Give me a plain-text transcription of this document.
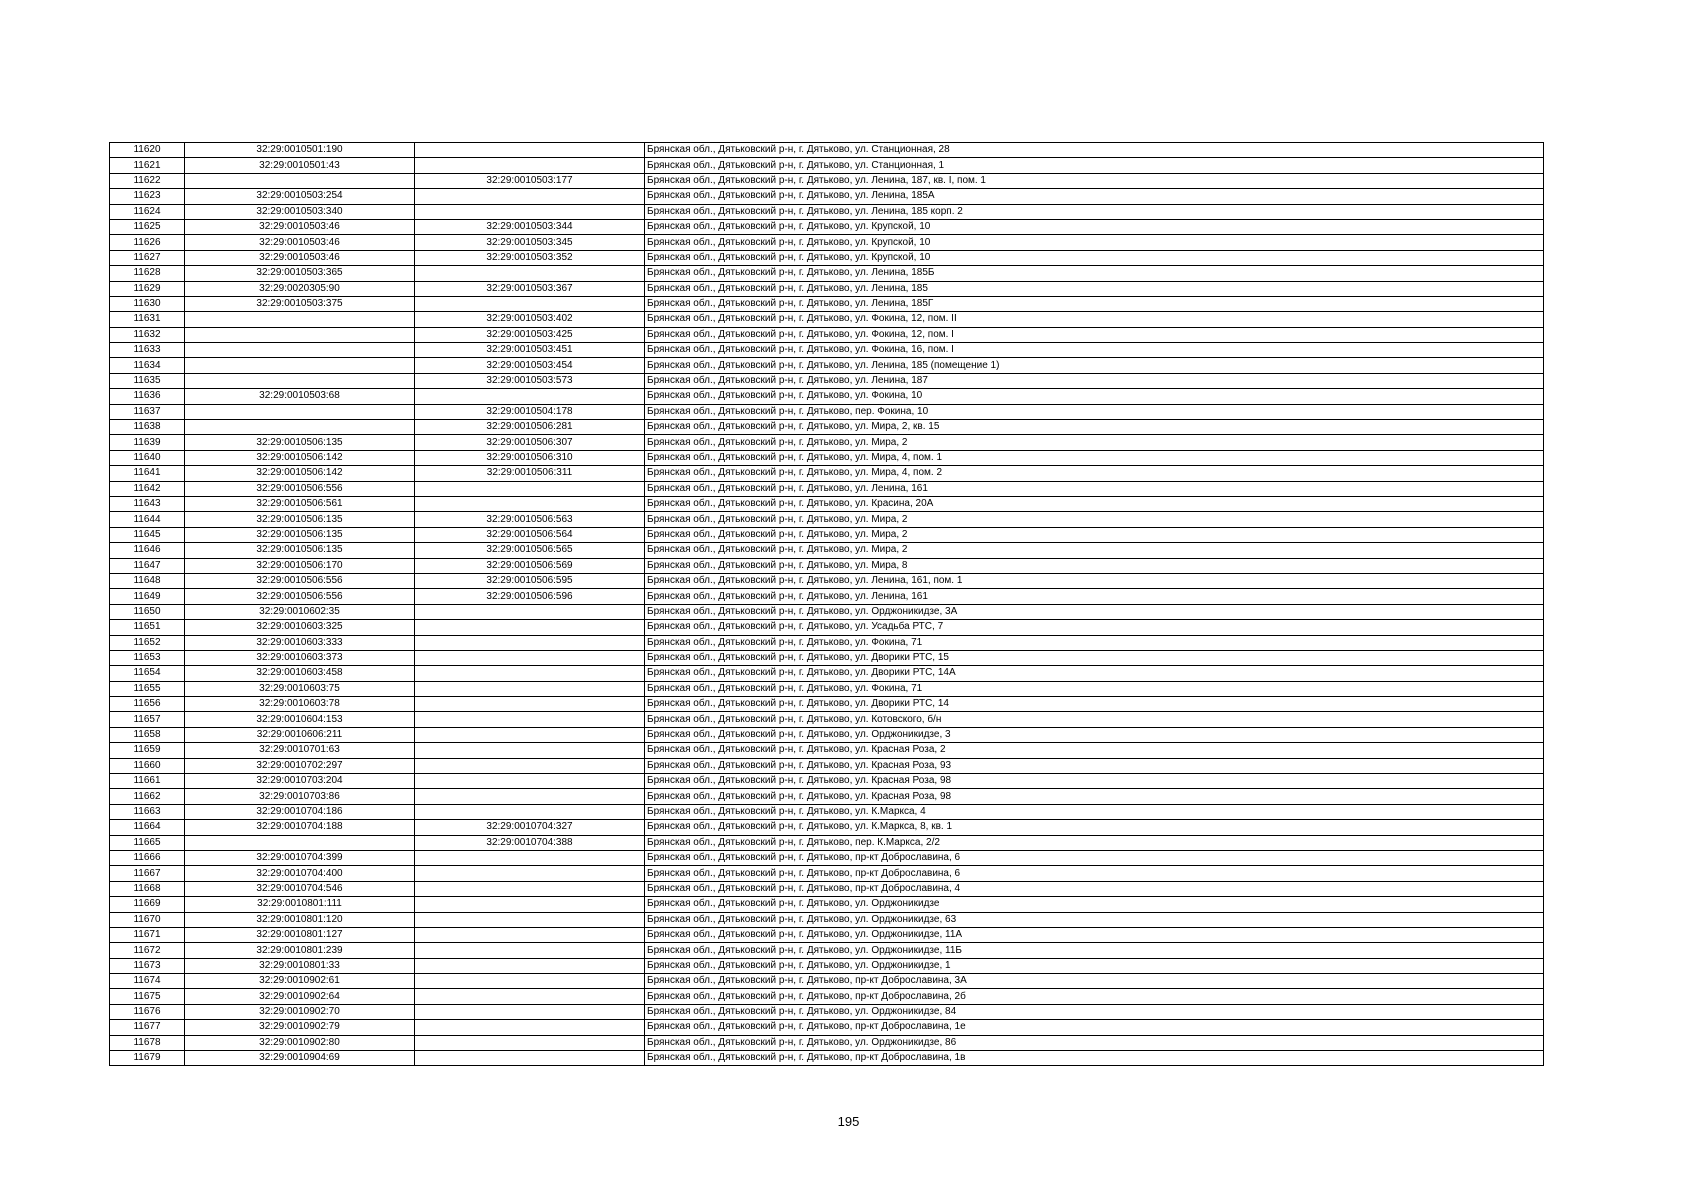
11620	32:29:0010501:190		Брянская обл., Дятьковский р-н, г. Дятьково, ул. Станционная, 28
11621	32:29:0010501:43		Брянская обл., Дятьковский р-н, г. Дятьково, ул. Станционная, 1
11622		32:29:0010503:177	Брянская обл., Дятьковский р-н, г. Дятьково, ул. Ленина, 187, кв. I, пом. 1
11623	32:29:0010503:254		Брянская обл., Дятьковский р-н, г. Дятьково, ул. Ленина, 185А
11624	32:29:0010503:340		Брянская обл., Дятьковский р-н, г. Дятьково, ул. Ленина, 185 корп. 2
11625	32:29:0010503:46	32:29:0010503:344	Брянская обл., Дятьковский р-н, г. Дятьково, ул. Крупской, 10
11626	32:29:0010503:46	32:29:0010503:345	Брянская обл., Дятьковский р-н, г. Дятьково, ул. Крупской, 10
11627	32:29:0010503:46	32:29:0010503:352	Брянская обл., Дятьковский р-н, г. Дятьково, ул. Крупской, 10
11628	32:29:0010503:365		Брянская обл., Дятьковский р-н, г. Дятьково, ул. Ленина, 185Б
11629	32:29:0020305:90	32:29:0010503:367	Брянская обл., Дятьковский р-н, г. Дятьково, ул. Ленина, 185
11630	32:29:0010503:375		Брянская обл., Дятьковский р-н, г. Дятьково, ул. Ленина, 185Г
11631		32:29:0010503:402	Брянская обл., Дятьковский р-н, г. Дятьково, ул. Фокина, 12, пом. II
11632		32:29:0010503:425	Брянская обл., Дятьковский р-н, г. Дятьково, ул. Фокина, 12, пом. I
11633		32:29:0010503:451	Брянская обл., Дятьковский р-н, г. Дятьково, ул. Фокина, 16, пом. I
11634		32:29:0010503:454	Брянская обл., Дятьковский р-н, г. Дятьково, ул. Ленина, 185 (помещение 1)
11635		32:29:0010503:573	Брянская обл., Дятьковский р-н, г. Дятьково, ул. Ленина, 187
11636	32:29:0010503:68		Брянская обл., Дятьковский р-н, г. Дятьково, ул. Фокина, 10
11637		32:29:0010504:178	Брянская обл., Дятьковский р-н, г. Дятьково, пер. Фокина, 10
11638		32:29:0010506:281	Брянская обл., Дятьковский р-н, г. Дятьково, ул. Мира, 2, кв. 15
11639	32:29:0010506:135	32:29:0010506:307	Брянская обл., Дятьковский р-н, г. Дятьково, ул. Мира, 2
11640	32:29:0010506:142	32:29:0010506:310	Брянская обл., Дятьковский р-н, г. Дятьково, ул. Мира, 4, пом. 1
11641	32:29:0010506:142	32:29:0010506:311	Брянская обл., Дятьковский р-н, г. Дятьково, ул. Мира, 4, пом. 2
11642	32:29:0010506:556		Брянская обл., Дятьковский р-н, г. Дятьково, ул. Ленина, 161
11643	32:29:0010506:561		Брянская обл., Дятьковский р-н, г. Дятьково, ул. Красина, 20А
11644	32:29:0010506:135	32:29:0010506:563	Брянская обл., Дятьковский р-н, г. Дятьково, ул. Мира, 2
11645	32:29:0010506:135	32:29:0010506:564	Брянская обл., Дятьковский р-н, г. Дятьково, ул. Мира, 2
11646	32:29:0010506:135	32:29:0010506:565	Брянская обл., Дятьковский р-н, г. Дятьково, ул. Мира, 2
11647	32:29:0010506:170	32:29:0010506:569	Брянская обл., Дятьковский р-н, г. Дятьково, ул. Мира, 8
11648	32:29:0010506:556	32:29:0010506:595	Брянская обл., Дятьковский р-н, г. Дятьково, ул. Ленина, 161, пом. 1
11649	32:29:0010506:556	32:29:0010506:596	Брянская обл., Дятьковский р-н, г. Дятьково, ул. Ленина, 161
11650	32:29:0010602:35		Брянская обл., Дятьковский р-н, г. Дятьково, ул. Орджоникидзе, 3А
11651	32:29:0010603:325		Брянская обл., Дятьковский р-н, г. Дятьково, ул. Усадьба РТС, 7
11652	32:29:0010603:333		Брянская обл., Дятьковский р-н, г. Дятьково, ул. Фокина, 71
11653	32:29:0010603:373		Брянская обл., Дятьковский р-н, г. Дятьково, ул. Дворики РТС, 15
11654	32:29:0010603:458		Брянская обл., Дятьковский р-н, г. Дятьково, ул. Дворики РТС, 14А
11655	32:29:0010603:75		Брянская обл., Дятьковский р-н, г. Дятьково, ул. Фокина, 71
11656	32:29:0010603:78		Брянская обл., Дятьковский р-н, г. Дятьково, ул. Дворики РТС, 14
11657	32:29:0010604:153		Брянская обл., Дятьковский р-н, г. Дятьково, ул. Котовского, б/н
11658	32:29:0010606:211		Брянская обл., Дятьковский р-н, г. Дятьково, ул. Орджоникидзе, 3
11659	32:29:0010701:63		Брянская обл., Дятьковский р-н, г. Дятьково, ул. Красная Роза, 2
11660	32:29:0010702:297		Брянская обл., Дятьковский р-н, г. Дятьково, ул. Красная Роза, 93
11661	32:29:0010703:204		Брянская обл., Дятьковский р-н, г. Дятьково, ул. Красная Роза, 98
11662	32:29:0010703:86		Брянская обл., Дятьковский р-н, г. Дятьково, ул. Красная Роза, 98
11663	32:29:0010704:186		Брянская обл., Дятьковский р-н, г. Дятьково, ул. К.Маркса, 4
11664	32:29:0010704:188	32:29:0010704:327	Брянская обл., Дятьковский р-н, г. Дятьково, ул. К.Маркса, 8, кв. 1
11665		32:29:0010704:388	Брянская обл., Дятьковский р-н, г. Дятьково, пер. К.Маркса, 2/2
11666	32:29:0010704:399		Брянская обл., Дятьковский р-н, г. Дятьково, пр-кт Доброславина, 6
11667	32:29:0010704:400		Брянская обл., Дятьковский р-н, г. Дятьково, пр-кт Доброславина, 6
11668	32:29:0010704:546		Брянская обл., Дятьковский р-н, г. Дятьково, пр-кт Доброславина, 4
11669	32:29:0010801:111		Брянская обл., Дятьковский р-н, г. Дятьково, ул. Орджоникидзе
11670	32:29:0010801:120		Брянская обл., Дятьковский р-н, г. Дятьково, ул. Орджоникидзе, 63
11671	32:29:0010801:127		Брянская обл., Дятьковский р-н, г. Дятьково, ул. Орджоникидзе, 11А
11672	32:29:0010801:239		Брянская обл., Дятьковский р-н, г. Дятьково, ул. Орджоникидзе, 11Б
11673	32:29:0010801:33		Брянская обл., Дятьковский р-н, г. Дятьково, ул. Орджоникидзе, 1
11674	32:29:0010902:61		Брянская обл., Дятьковский р-н, г. Дятьково, пр-кт Доброславина, 3А
11675	32:29:0010902:64		Брянская обл., Дятьковский р-н, г. Дятьково, пр-кт Доброславина, 2б
11676	32:29:0010902:70		Брянская обл., Дятьковский р-н, г. Дятьково, ул. Орджоникидзе, 84
11677	32:29:0010902:79		Брянская обл., Дятьковский р-н, г. Дятьково, пр-кт Доброславина, 1е
11678	32:29:0010902:80		Брянская обл., Дятьковский р-н, г. Дятьково, ул. Орджоникидзе, 86
11679	32:29:0010904:69		Брянская обл., Дятьковский р-н, г. Дятьково, пр-кт Доброславина, 1в
195
